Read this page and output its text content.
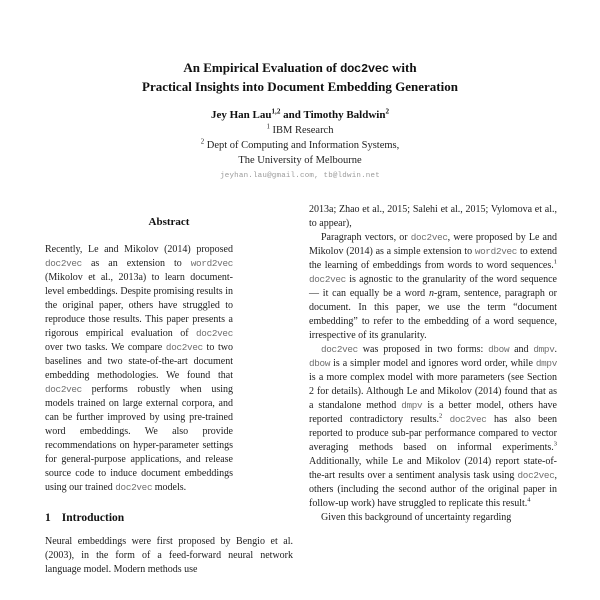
An Empirical Evaluation of doc2vec with
Practical Insights into Document Embedding Generation
Jey Han Lau$^{1,2}$ and Timothy Baldwin$^2$
$^1$ IBM Research
$^2$ Dept of Computing and Information Systems,
The University of Melbourne
jeyhan.lau@gmail.com, tb@ldwin.net
Abstract
Recently, Le and Mikolov (2014) proposed doc2vec as an extension to word2vec (Mikolov et al., 2013a) to learn document-level embeddings. Despite promising results in the original paper, others have struggled to reproduce those results. This paper presents a rigorous empirical evaluation of doc2vec over two tasks. We compare doc2vec to two baselines and two state-of-the-art document embedding methodologies. We found that doc2vec performs robustly when using models trained on large external corpora, and can be further improved by using pre-trained word embeddings. We also provide recommendations on hyper-parameter settings for general-purpose applications, and release source code to induce document embeddings using our trained doc2vec models.
1 Introduction

Neural embeddings were first proposed by Bengio et al. (2003), in the form of a feed-forward neural network language model. Modern methods use

2013a; Zhao et al., 2015; Salehi et al., 2015; Vylomova et al., to appear),

Paragraph vectors, or doc2vec, were proposed by Le and Mikolov (2014) as a simple extension to word2vec to extend the learning of embeddings from words to word sequences.$^1$ doc2vec is agnostic to the granularity of the word sequence — it can equally be a word n-gram, sentence, paragraph or document. In this paper, we use the term “document embedding” to refer to the embedding of a word sequence, irrespective of its granularity.

doc2vec was proposed in two forms: dbow and dmpv. dbow is a simpler model and ignores word order, while dmpv is a more complex model with more parameters (see Section 2 for details). Although Le and Mikolov (2014) found that as a standalone method dmpv is a better model, others have reported contradictory results.$^2$ doc2vec has also been reported to produce sub-par performance compared to vector averaging methods based on informal experiments.$^3$ Additionally, while Le and Mikolov (2014) report state-of-the-art results over a sentiment analysis task using doc2vec, others (including the second author of the original paper in follow-up work) have struggled to replicate this result.$^4$

Given this background of uncertainty regarding
